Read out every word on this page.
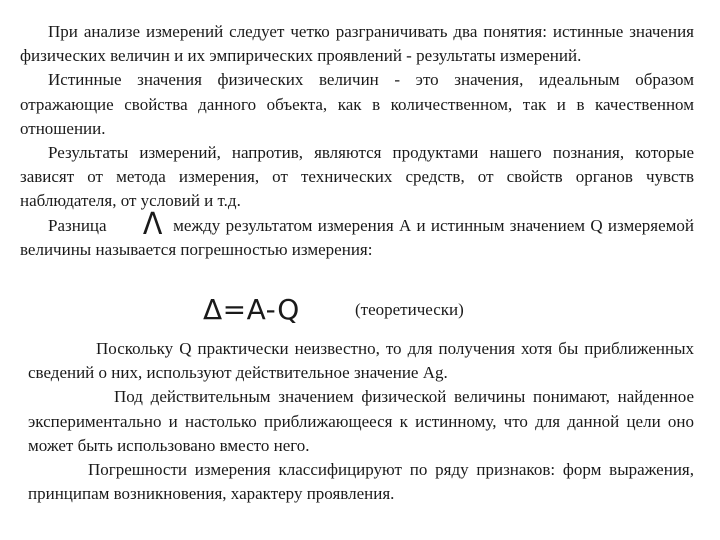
При анализе измерений следует четко разграничивать два понятия: истинные значения физических величин и их эмпирических проявлений - результаты измерений.

Истинные значения физических величин - это значения, идеальным образом отражающие свойства данного объекта, как в количественном, так и в качественном отношении.

Результаты измерений, напротив, являются продуктами нашего познания, которые зависят от метода измерения, от технических средств, от свойств органов чувств наблюдателя, от условий и т.д.

Разница Λ между результатом измерения А и истинным значением Q измеряемой величины называется погрешностью измерения:

Δ=A-Q	(теоретически)

Поскольку Q практически неизвестно, то для получения хотя бы приближенных сведений о них, используют действительное значение Ag.

Под действительным значением физической величины понимают, найденное экспериментально и настолько приближающееся к истинному, что для данной цели оно может быть использовано вместо него.

Погрешности измерения классифицируют по ряду признаков: форм выражения, принципам возникновения, характеру проявления.
